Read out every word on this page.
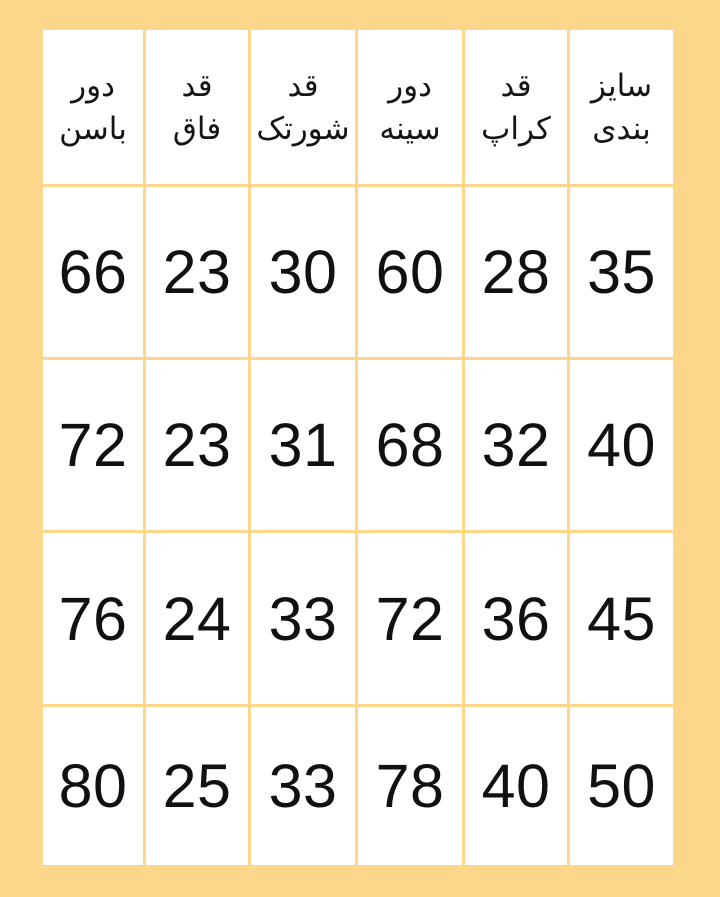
سایز
بندی
قد
کراپ
دور
سینه
قد
شورتک
قد
فاق
دور
باسن
35
28
60
30
23
66
40
32
68
31
23
72
45
36
72
33
24
76
50
40
78
33
25
80
